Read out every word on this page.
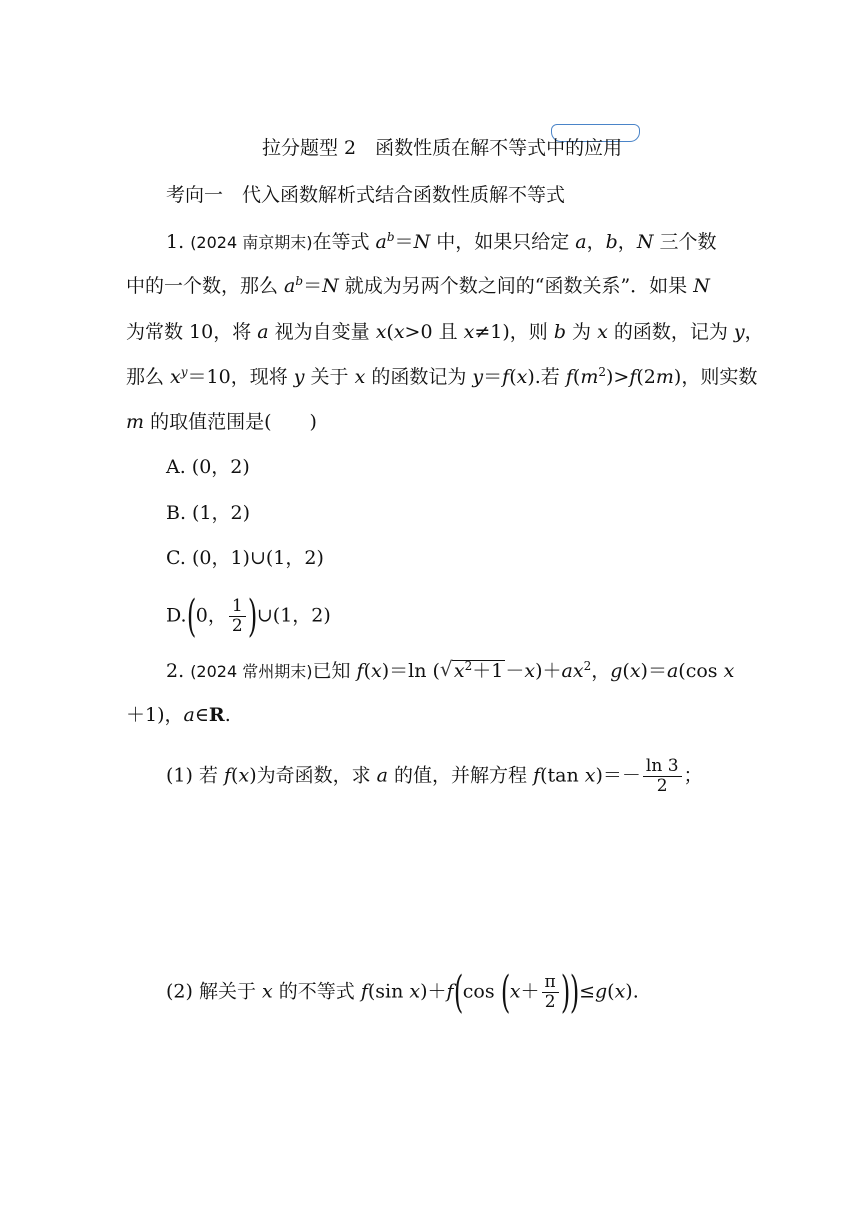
拉分题型 2　函数性质在解不等式中的应用
考向一　代入函数解析式结合函数性质解不等式
1. (2024 南京期末)在等式 $a^b=N$ 中，如果只给定 a，b，N 三个数
中的一个数，那么 $a^b=N$ 就成为另两个数之间的“函数关系”．如果 N
为常数 10，将 a 视为自变量 x(x>0 且 x≠1)，则 b 为 x 的函数，记为 y，
那么 $x^y=10$，现将 y 关于 x 的函数记为 y＝f(x).若 $f(m^2)>f(2m)$，则实数
m 的取值范围是(　　)
A. (0，2)
B. (1，2)
C. (0，1)∪(1，2)
D.(0， $\frac{1}{2}$ )∪(1，2)
2. (2024 常州期末)已知 f(x)＝ln (√ $x^2+1 -x)+ax^2$，g(x)＝a(cos x
＋1)，a∈R.
(1) 若 f(x)为奇函数，求 a 的值，并解方程 f(tan $x)=- \frac{\ln 3}{2}$ ；
(2) 解关于 x 的不等式 f(sin x)＋f(cos $(x+ \frac{\pi}{2} ))\le g(x)$.
